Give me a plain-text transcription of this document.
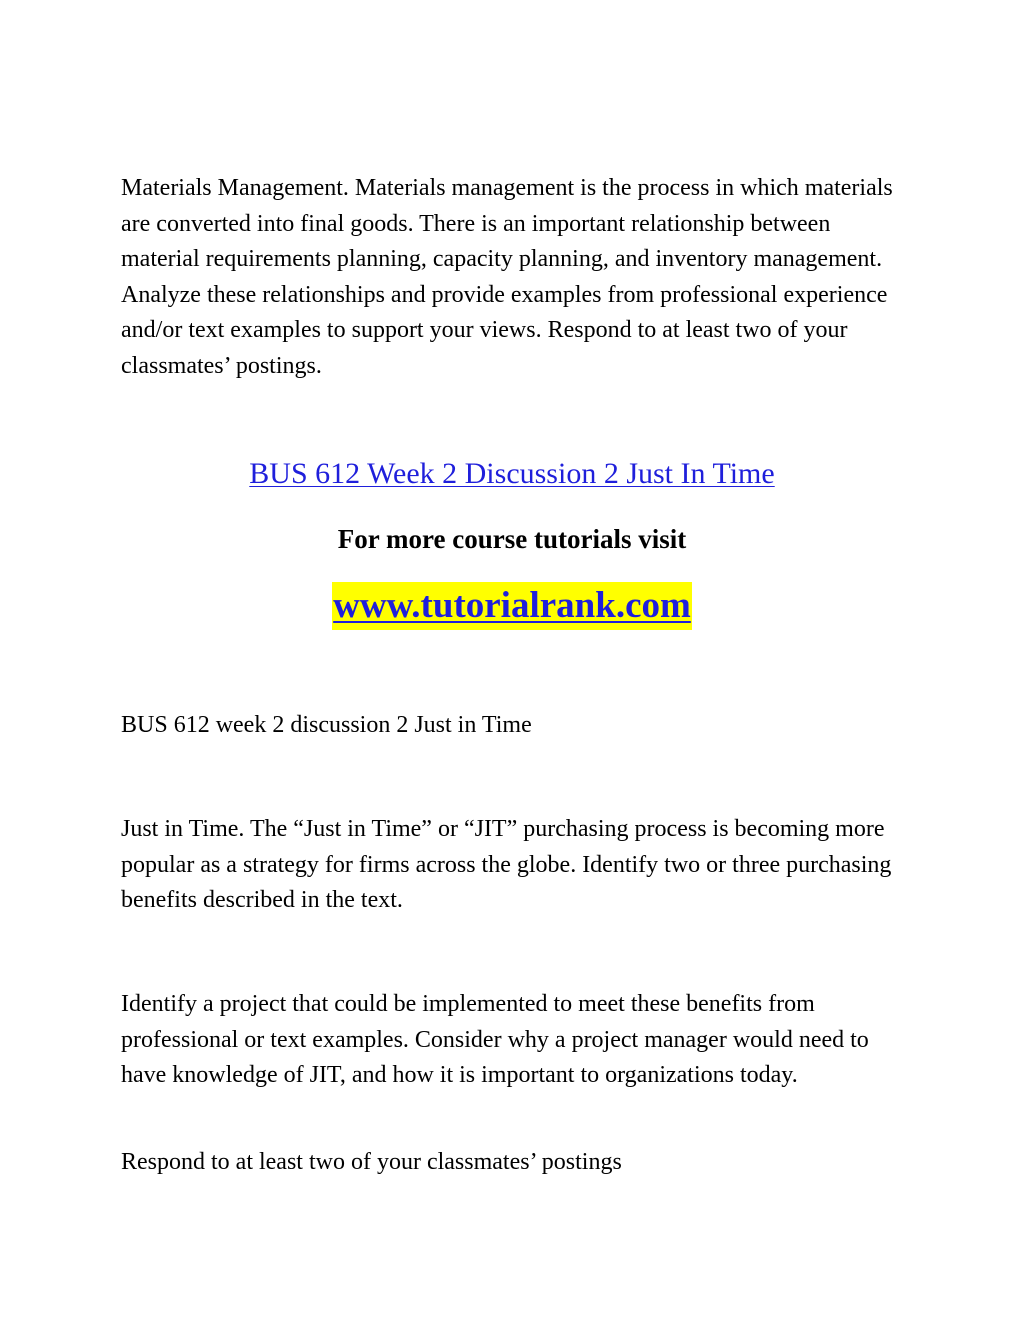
Materials Management. Materials management is the process in which materials are converted into final goods. There is an important relationship between material requirements planning, capacity planning, and inventory management. Analyze these relationships and provide examples from professional experience and/or text examples to support your views. Respond to at least two of your classmates’ postings.

BUS 612 Week 2 Discussion 2 Just In Time

For more course tutorials visit

www.tutorialrank.com

BUS 612 week 2 discussion 2 Just in Time

Just in Time. The “Just in Time” or “JIT” purchasing process is becoming more popular as a strategy for firms across the globe. Identify two or three purchasing benefits described in the text.

Identify a project that could be implemented to meet these benefits from professional or text examples. Consider why a project manager would need to have knowledge of JIT, and how it is important to organizations today.

Respond to at least two of your classmates’ postings
